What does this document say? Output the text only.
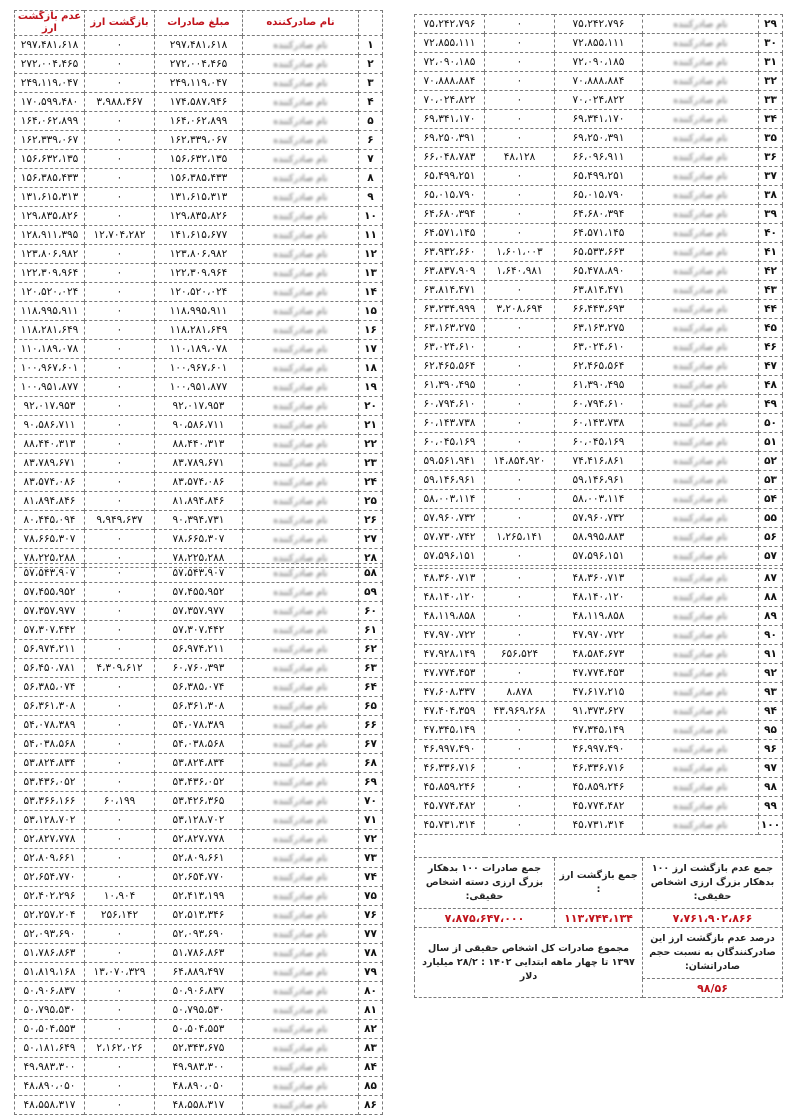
	نام صادرکننده	مبلغ صادرات	بازگشت ارز	عدم بازگشت ارز
۱	نام صادرکننده	۲۹۷،۴۸۱،۶۱۸	۰	۲۹۷،۴۸۱،۶۱۸
۲	نام صادرکننده	۲۷۲،۰۰۴،۴۶۵	۰	۲۷۲،۰۰۴،۴۶۵
۳	نام صادرکننده	۲۴۹،۱۱۹،۰۴۷	۰	۲۴۹،۱۱۹،۰۴۷
۴	نام صادرکننده	۱۷۴،۵۸۷،۹۴۶	۳،۹۸۸،۴۶۷	۱۷۰،۵۹۹،۴۸۰
۵	نام صادرکننده	۱۶۴،۰۶۲،۸۹۹	۰	۱۶۴،۰۶۲،۸۹۹
۶	نام صادرکننده	۱۶۲،۳۳۹،۰۶۷	۰	۱۶۲،۳۳۹،۰۶۷
۷	نام صادرکننده	۱۵۶،۶۳۲،۱۳۵	۰	۱۵۶،۶۳۲،۱۳۵
۸	نام صادرکننده	۱۵۶،۳۸۵،۴۳۳	۰	۱۵۶،۳۸۵،۴۳۳
۹	نام صادرکننده	۱۳۱،۶۱۵،۳۱۳	۰	۱۳۱،۶۱۵،۳۱۳
۱۰	نام صادرکننده	۱۲۹،۸۳۵،۸۲۶	۰	۱۲۹،۸۳۵،۸۲۶
۱۱	نام صادرکننده	۱۴۱،۶۱۵،۶۷۷	۱۲،۷۰۴،۲۸۲	۱۲۸،۹۱۱،۳۹۵
۱۲	نام صادرکننده	۱۲۳،۸۰۶،۹۸۲	۰	۱۲۳،۸۰۶،۹۸۲
۱۳	نام صادرکننده	۱۲۲،۳۰۹،۹۶۴	۰	۱۲۲،۳۰۹،۹۶۴
۱۴	نام صادرکننده	۱۲۰،۵۲۰،۰۲۴	۰	۱۲۰،۵۲۰،۰۲۴
۱۵	نام صادرکننده	۱۱۸،۹۹۵،۹۱۱	۰	۱۱۸،۹۹۵،۹۱۱
۱۶	نام صادرکننده	۱۱۸،۲۸۱،۶۴۹	۰	۱۱۸،۲۸۱،۶۴۹
۱۷	نام صادرکننده	۱۱۰،۱۸۹،۰۷۸	۰	۱۱۰،۱۸۹،۰۷۸
۱۸	نام صادرکننده	۱۰۰،۹۶۷،۶۰۱	۰	۱۰۰،۹۶۷،۶۰۱
۱۹	نام صادرکننده	۱۰۰،۹۵۱،۸۷۷	۰	۱۰۰،۹۵۱،۸۷۷
۲۰	نام صادرکننده	۹۲،۰۱۷،۹۵۳	۰	۹۲،۰۱۷،۹۵۳
۲۱	نام صادرکننده	۹۰،۵۸۶،۷۱۱	۰	۹۰،۵۸۶،۷۱۱
۲۲	نام صادرکننده	۸۸،۴۴۰،۳۱۳	۰	۸۸،۴۴۰،۳۱۳
۲۳	نام صادرکننده	۸۳،۷۸۹،۶۷۱	۰	۸۳،۷۸۹،۶۷۱
۲۴	نام صادرکننده	۸۳،۵۷۴،۰۸۶	۰	۸۳،۵۷۴،۰۸۶
۲۵	نام صادرکننده	۸۱،۸۹۴،۸۴۶	۰	۸۱،۸۹۴،۸۴۶
۲۶	نام صادرکننده	۹۰،۳۹۴،۷۳۱	۹،۹۴۹،۶۳۷	۸۰،۴۴۵،۰۹۴
۲۷	نام صادرکننده	۷۸،۶۶۵،۳۰۷	۰	۷۸،۶۶۵،۳۰۷
۲۸	نام صادرکننده	۷۸،۲۲۵،۲۸۸	۰	۷۸،۲۲۵،۲۸۸
۲۹	نام صادرکننده	۷۵،۲۴۲،۷۹۶	۰	۷۵،۲۴۲،۷۹۶
۳۰	نام صادرکننده	۷۲،۸۵۵،۱۱۱	۰	۷۲،۸۵۵،۱۱۱
۳۱	نام صادرکننده	۷۲،۰۹۰،۱۸۵	۰	۷۲،۰۹۰،۱۸۵
۳۲	نام صادرکننده	۷۰،۸۸۸،۸۸۴	۰	۷۰،۸۸۸،۸۸۴
۳۳	نام صادرکننده	۷۰،۰۲۴،۸۲۲	۰	۷۰،۰۲۴،۸۲۲
۳۴	نام صادرکننده	۶۹،۳۴۱،۱۷۰	۰	۶۹،۳۴۱،۱۷۰
۳۵	نام صادرکننده	۶۹،۲۵۰،۳۹۱	۰	۶۹،۲۵۰،۳۹۱
۳۶	نام صادرکننده	۶۶،۰۹۶،۹۱۱	۴۸،۱۲۸	۶۶،۰۴۸،۷۸۳
۳۷	نام صادرکننده	۶۵،۴۹۹،۲۵۱	۰	۶۵،۴۹۹،۲۵۱
۳۸	نام صادرکننده	۶۵،۰۱۵،۷۹۰	۰	۶۵،۰۱۵،۷۹۰
۳۹	نام صادرکننده	۶۴،۶۸۰،۳۹۴	۰	۶۴،۶۸۰،۳۹۴
۴۰	نام صادرکننده	۶۴،۵۷۱،۱۴۵	۰	۶۴،۵۷۱،۱۴۵
۴۱	نام صادرکننده	۶۵،۵۳۳،۶۶۳	۱،۶۰۱،۰۰۳	۶۳،۹۳۲،۶۶۰
۴۲	نام صادرکننده	۶۵،۴۷۸،۸۹۰	۱،۶۴۰،۹۸۱	۶۳،۸۳۷،۹۰۹
۴۳	نام صادرکننده	۶۳،۸۱۴،۴۷۱	۰	۶۳،۸۱۴،۴۷۱
۴۴	نام صادرکننده	۶۶،۴۴۳،۶۹۳	۳،۲۰۸،۶۹۴	۶۳،۲۳۴،۹۹۹
۴۵	نام صادرکننده	۶۳،۱۶۳،۲۷۵	۰	۶۳،۱۶۳،۲۷۵
۴۶	نام صادرکننده	۶۳،۰۲۴،۶۱۰	۰	۶۳،۰۲۴،۶۱۰
۴۷	نام صادرکننده	۶۲،۴۶۵،۵۶۴	۰	۶۲،۴۶۵،۵۶۴
۴۸	نام صادرکننده	۶۱،۳۹۰،۴۹۵	۰	۶۱،۳۹۰،۴۹۵
۴۹	نام صادرکننده	۶۰،۷۹۴،۶۱۰	۰	۶۰،۷۹۴،۶۱۰
۵۰	نام صادرکننده	۶۰،۱۴۳،۷۳۸	۰	۶۰،۱۴۳،۷۳۸
۵۱	نام صادرکننده	۶۰،۰۴۵،۱۶۹	۰	۶۰،۰۴۵،۱۶۹
۵۲	نام صادرکننده	۷۴،۴۱۶،۸۶۱	۱۴،۸۵۴،۹۲۰	۵۹،۵۶۱،۹۴۱
۵۳	نام صادرکننده	۵۹،۱۴۶،۹۶۱	۰	۵۹،۱۴۶،۹۶۱
۵۴	نام صادرکننده	۵۸،۰۰۳،۱۱۴	۰	۵۸،۰۰۳،۱۱۴
۵۵	نام صادرکننده	۵۷،۹۶۰،۷۳۲	۰	۵۷،۹۶۰،۷۳۲
۵۶	نام صادرکننده	۵۸،۹۹۵،۸۸۳	۱،۲۶۵،۱۴۱	۵۷،۷۳۰،۷۴۲
۵۷	نام صادرکننده	۵۷،۵۹۶،۱۵۱	۰	۵۷،۵۹۶،۱۵۱
۵۸	نام صادرکننده	۵۷،۵۴۳،۹۰۷	۰	۵۷،۵۴۳،۹۰۷
۵۹	نام صادرکننده	۵۷،۴۵۵،۹۵۲	۰	۵۷،۴۵۵،۹۵۲
۶۰	نام صادرکننده	۵۷،۳۵۷،۹۷۷	۰	۵۷،۳۵۷،۹۷۷
۶۱	نام صادرکننده	۵۷،۳۰۷،۴۴۲	۰	۵۷،۳۰۷،۴۴۲
۶۲	نام صادرکننده	۵۶،۹۷۴،۲۱۱	۰	۵۶،۹۷۴،۲۱۱
۶۳	نام صادرکننده	۶۰،۷۶۰،۳۹۳	۴،۳۰۹،۶۱۲	۵۶،۴۵۰،۷۸۱
۶۴	نام صادرکننده	۵۶،۳۸۵،۰۷۴	۰	۵۶،۳۸۵،۰۷۴
۶۵	نام صادرکننده	۵۶،۳۶۱،۳۰۸	۰	۵۶،۳۶۱،۳۰۸
۶۶	نام صادرکننده	۵۴،۰۷۸،۳۸۹	۰	۵۴،۰۷۸،۳۸۹
۶۷	نام صادرکننده	۵۴،۰۳۸،۵۶۸	۰	۵۴،۰۳۸،۵۶۸
۶۸	نام صادرکننده	۵۳،۸۲۴،۸۳۴	۰	۵۳،۸۲۴،۸۳۴
۶۹	نام صادرکننده	۵۳،۴۳۶،۰۵۲	۰	۵۳،۴۳۶،۰۵۲
۷۰	نام صادرکننده	۵۳،۴۲۶،۳۶۵	۶۰،۱۹۹	۵۳،۳۶۶،۱۶۶
۷۱	نام صادرکننده	۵۳،۱۲۸،۷۰۲	۰	۵۳،۱۲۸،۷۰۲
۷۲	نام صادرکننده	۵۲،۸۲۷،۷۷۸	۰	۵۲،۸۲۷،۷۷۸
۷۳	نام صادرکننده	۵۲،۸۰۹،۶۶۱	۰	۵۲،۸۰۹،۶۶۱
۷۴	نام صادرکننده	۵۲،۶۵۴،۷۷۰	۰	۵۲،۶۵۴،۷۷۰
۷۵	نام صادرکننده	۵۲،۴۱۳،۱۹۹	۱۰،۹۰۴	۵۲،۴۰۲،۲۹۶
۷۶	نام صادرکننده	۵۲،۵۱۳،۳۴۶	۲۵۶،۱۴۲	۵۲،۲۵۷،۲۰۴
۷۷	نام صادرکننده	۵۲،۰۹۳،۶۹۰	۰	۵۲،۰۹۳،۶۹۰
۷۸	نام صادرکننده	۵۱،۷۸۶،۸۶۳	۰	۵۱،۷۸۶،۸۶۳
۷۹	نام صادرکننده	۶۴،۸۸۹،۴۹۷	۱۳،۰۷۰،۳۲۹	۵۱،۸۱۹،۱۶۸
۸۰	نام صادرکننده	۵۰،۹۰۶،۸۳۷	۰	۵۰،۹۰۶،۸۳۷
۸۱	نام صادرکننده	۵۰،۷۹۵،۵۳۰	۰	۵۰،۷۹۵،۵۳۰
۸۲	نام صادرکننده	۵۰،۵۰۴،۵۵۳	۰	۵۰،۵۰۴،۵۵۳
۸۳	نام صادرکننده	۵۲،۳۴۳،۶۷۵	۲،۱۶۲،۰۲۶	۵۰،۱۸۱،۶۴۹
۸۴	نام صادرکننده	۴۹،۹۸۳،۳۰۰	۰	۴۹،۹۸۳،۳۰۰
۸۵	نام صادرکننده	۴۸،۸۹۰،۰۵۰	۰	۴۸،۸۹۰،۰۵۰
۸۶	نام صادرکننده	۴۸،۵۵۸،۳۱۷	۰	۴۸،۵۵۸،۳۱۷
۸۷	نام صادرکننده	۴۸،۳۶۰،۷۱۳	۰	۴۸،۳۶۰،۷۱۳
۸۸	نام صادرکننده	۴۸،۱۴۰،۱۲۰	۰	۴۸،۱۴۰،۱۲۰
۸۹	نام صادرکننده	۴۸،۱۱۹،۸۵۸	۰	۴۸،۱۱۹،۸۵۸
۹۰	نام صادرکننده	۴۷،۹۷۰،۷۲۲	۰	۴۷،۹۷۰،۷۲۲
۹۱	نام صادرکننده	۴۸،۵۸۴،۶۷۳	۶۵۶،۵۲۴	۴۷،۹۲۸،۱۴۹
۹۲	نام صادرکننده	۴۷،۷۷۴،۴۵۳	۰	۴۷،۷۷۴،۴۵۳
۹۳	نام صادرکننده	۴۷،۶۱۷،۲۱۵	۸،۸۷۸	۴۷،۶۰۸،۳۳۷
۹۴	نام صادرکننده	۹۱،۳۷۳،۶۲۷	۴۳،۹۶۹،۲۶۸	۴۷،۴۰۴،۳۵۹
۹۵	نام صادرکننده	۴۷،۳۴۵،۱۴۹	۰	۴۷،۳۴۵،۱۴۹
۹۶	نام صادرکننده	۴۶،۹۹۷،۴۹۰	۰	۴۶،۹۹۷،۴۹۰
۹۷	نام صادرکننده	۴۶،۳۳۶،۷۱۶	۰	۴۶،۳۳۶،۷۱۶
۹۸	نام صادرکننده	۴۵،۸۵۹،۲۴۶	۰	۴۵،۸۵۹،۲۴۶
۹۹	نام صادرکننده	۴۵،۷۷۴،۴۸۲	۰	۴۵،۷۷۴،۴۸۲
۱۰۰	نام صادرکننده	۴۵،۷۳۱،۳۱۴	۰	۴۵،۷۳۱،۳۱۴

جمع عدم بازگشت ارز ۱۰۰ بدهکار بزرگ ارزی اشخاص حقیقی:		جمع بازگشت ارز :	جمع صادرات ۱۰۰ بدهکار بزرگ ارزی دسته اشخاص حقیقی:	
۷،۷۶۱،۹۰۲،۸۶۶		۱۱۳،۷۴۴،۱۳۴	۷،۸۷۵،۶۴۷،۰۰۰	
درصد عدم بازگشت ارز این صادرکنندگان به نسبت حجم صادراتشان:		مجموع صادرات کل اشخاص حقیقی از سال ۱۳۹۷ تا چهار ماهه ابتدایی ۱۴۰۲ : ۲۸/۲ میلیارد دلار		
۹۸/۵۶				
